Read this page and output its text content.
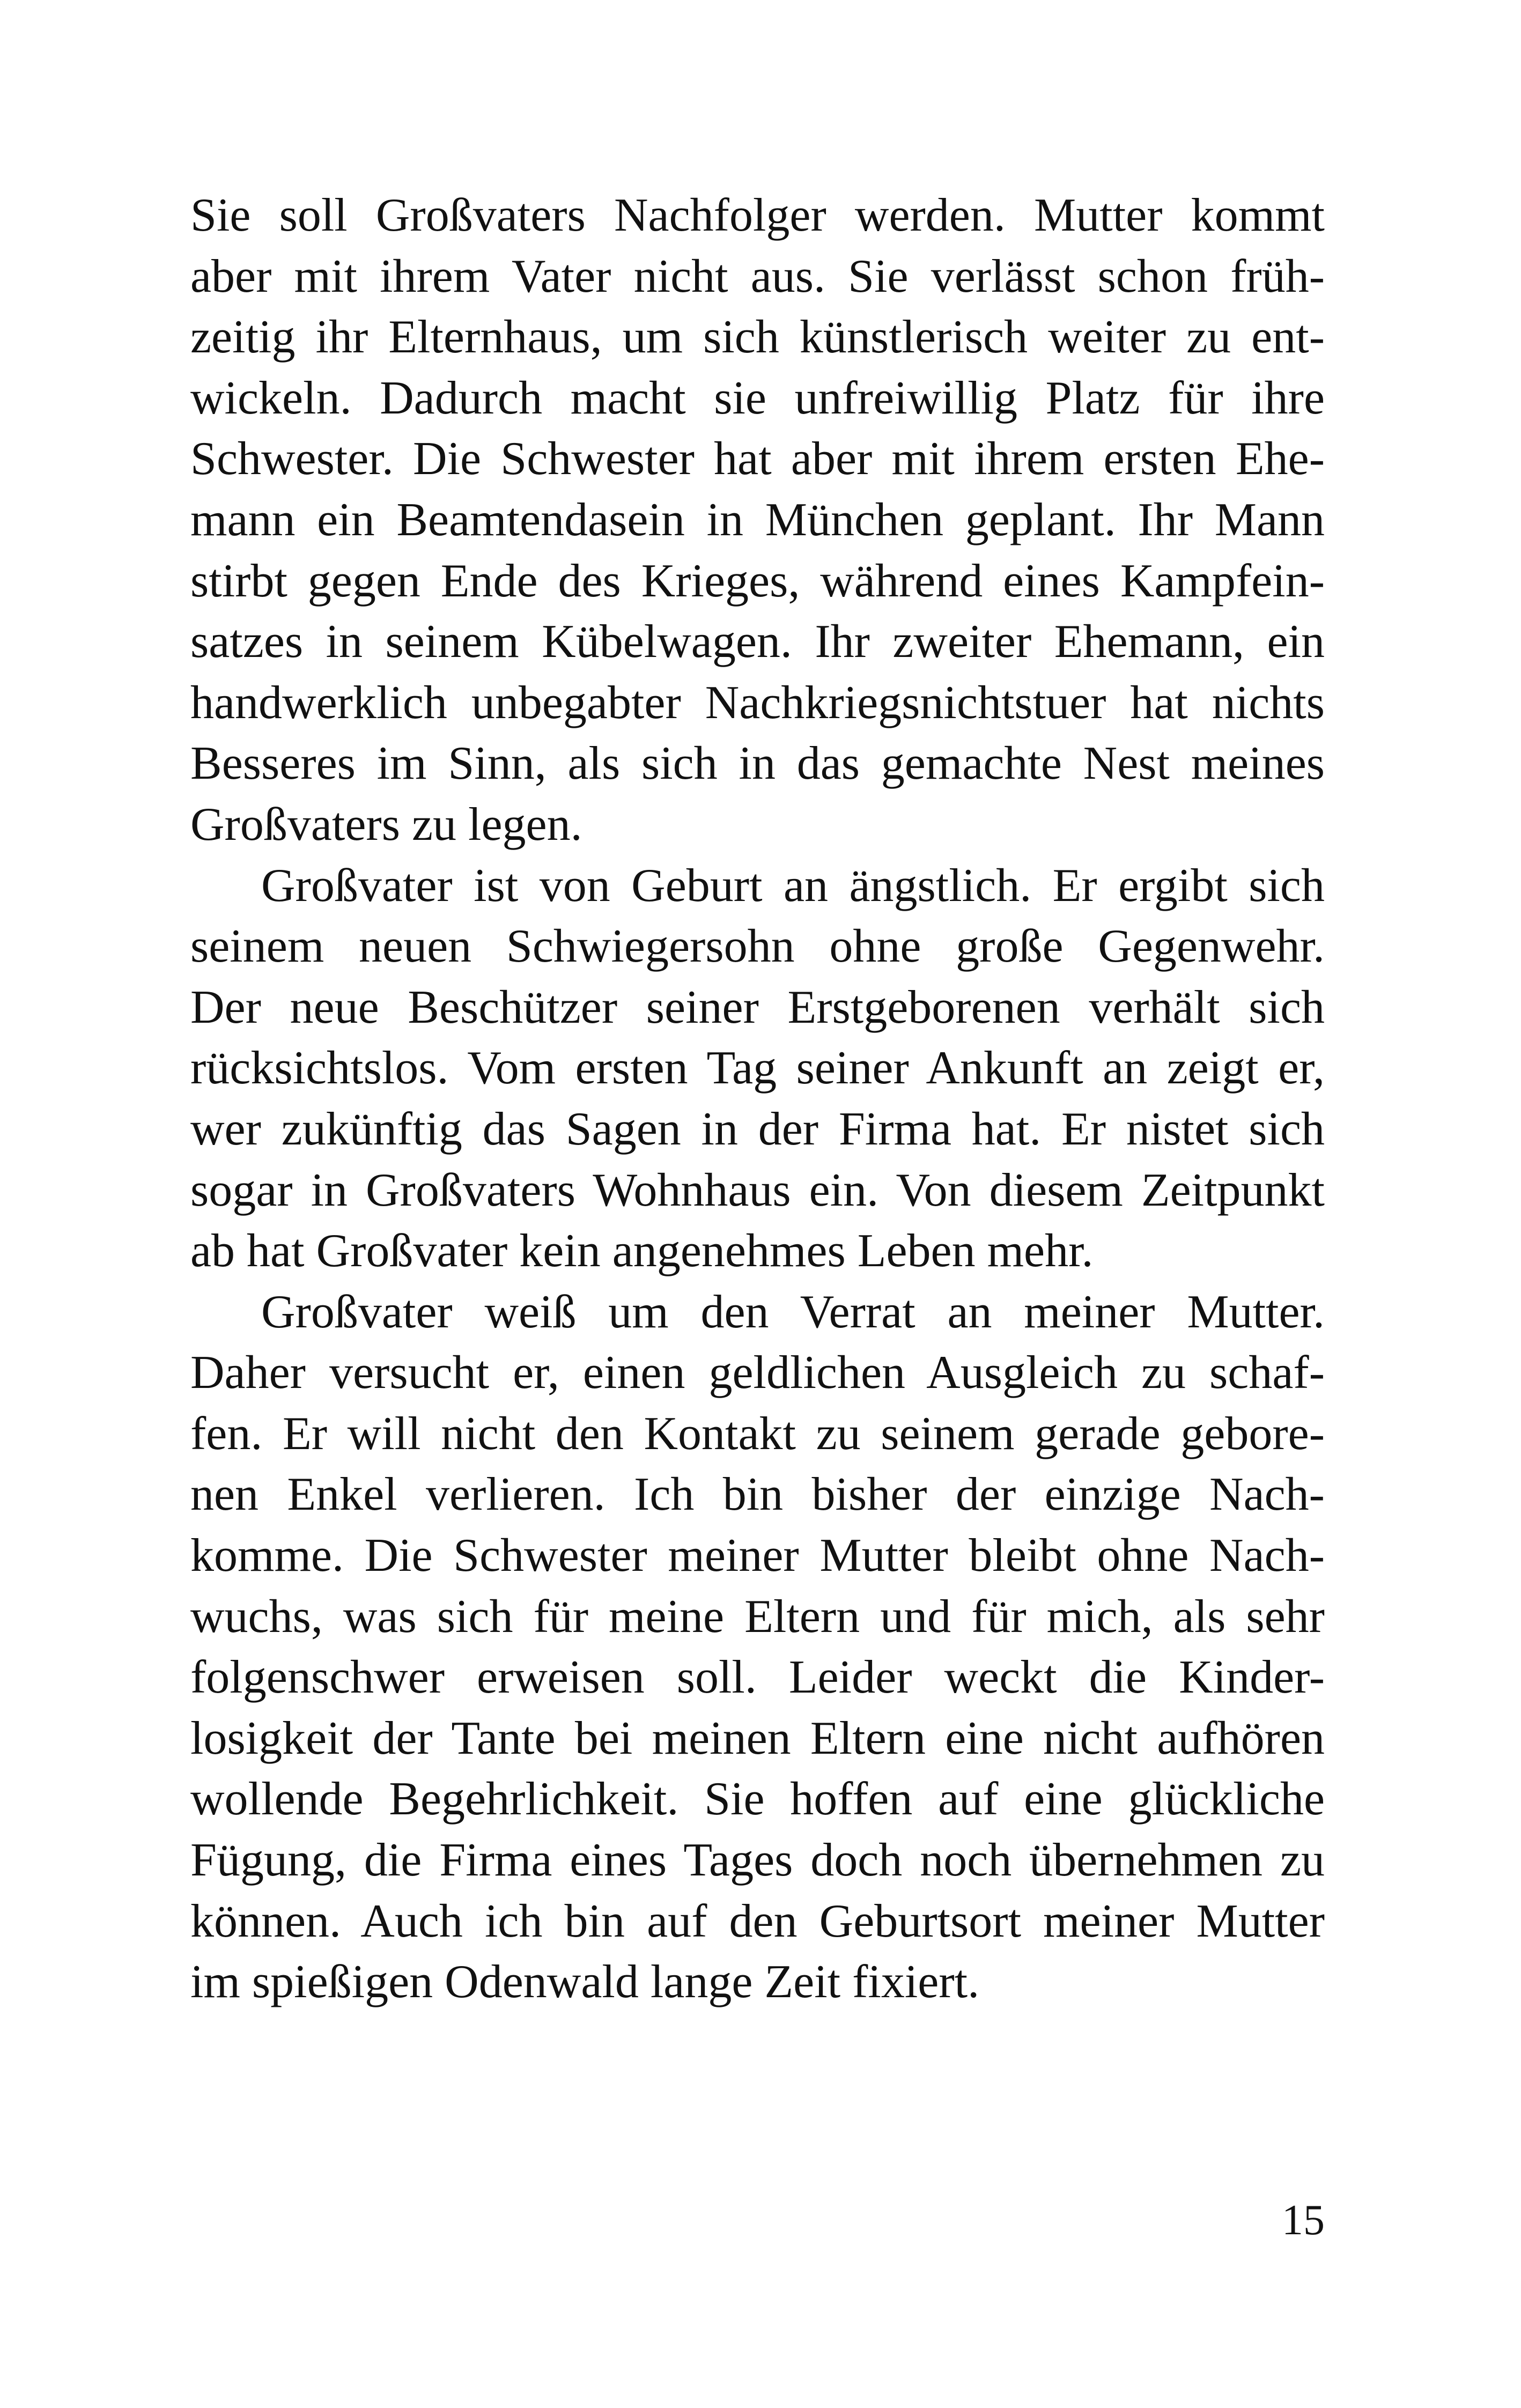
Sie soll Großvaters Nachfolger werden. Mutter kommt
aber mit ihrem Vater nicht aus. Sie verlässt schon früh-
zeitig ihr Elternhaus, um sich künstlerisch weiter zu ent-
wickeln. Dadurch macht sie unfreiwillig Platz für ihre
Schwester. Die Schwester hat aber mit ihrem ersten Ehe-
mann ein Beamtendasein in München geplant. Ihr Mann
stirbt gegen Ende des Krieges, während eines Kampfein-
satzes in seinem Kübelwagen. Ihr zweiter Ehemann, ein
handwerklich unbegabter Nachkriegsnichtstuer hat nichts
Besseres im Sinn, als sich in das gemachte Nest meines
Großvaters zu legen.
Großvater ist von Geburt an ängstlich. Er ergibt sich
seinem neuen Schwiegersohn ohne große Gegenwehr.
Der neue Beschützer seiner Erstgeborenen verhält sich
rücksichtslos. Vom ersten Tag seiner Ankunft an zeigt er,
wer zukünftig das Sagen in der Firma hat. Er nistet sich
sogar in Großvaters Wohnhaus ein. Von diesem Zeitpunkt
ab hat Großvater kein angenehmes Leben mehr.
Großvater weiß um den Verrat an meiner Mutter.
Daher versucht er, einen geldlichen Ausgleich zu schaf-
fen. Er will nicht den Kontakt zu seinem gerade gebore-
nen Enkel verlieren. Ich bin bisher der einzige Nach-
komme. Die Schwester meiner Mutter bleibt ohne Nach-
wuchs, was sich für meine Eltern und für mich, als sehr
folgenschwer erweisen soll. Leider weckt die Kinder-
losigkeit der Tante bei meinen Eltern eine nicht aufhören
wollende Begehrlichkeit. Sie hoffen auf eine glückliche
Fügung, die Firma eines Tages doch noch übernehmen zu
können. Auch ich bin auf den Geburtsort meiner Mutter
im spießigen Odenwald lange Zeit fixiert.
15
